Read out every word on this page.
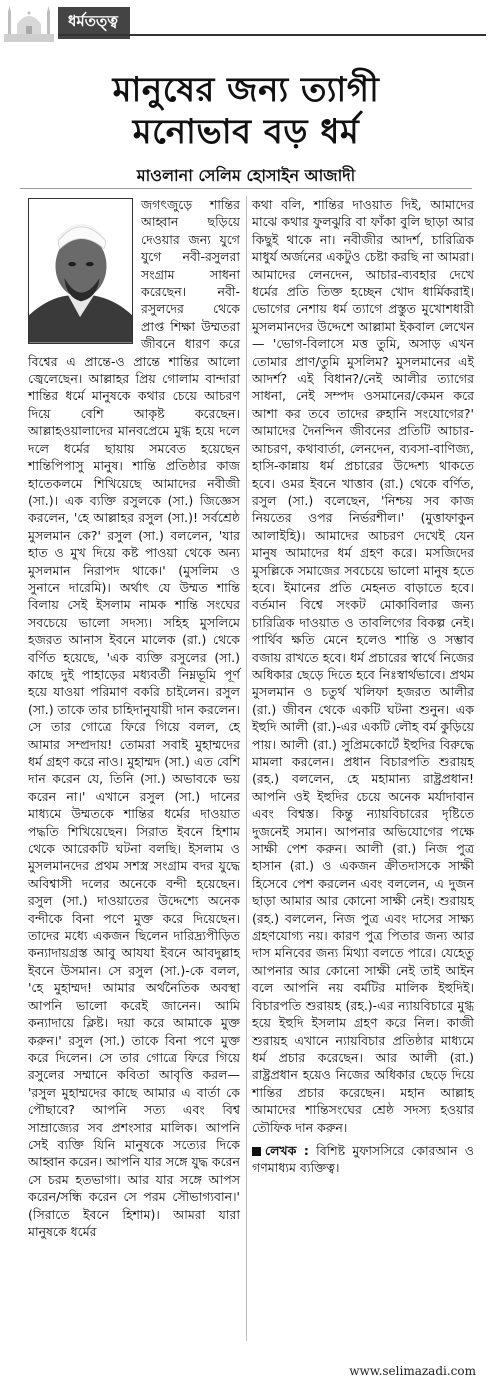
ধর্মতত্ত্ব
মানুষের জন্য ত্যাগী
মনোভাব বড় ধর্ম
মাওলানা সেলিম হোসাইন আজাদী

জগৎজুড়ে শান্তির আহ্বান ছড়িয়ে দেওয়ার জন্য যুগে যুগে নবী-রসুলরা সংগ্রাম সাধনা করেছেন। নবী-রসুলদের থেকে প্রাপ্ত শিক্ষা উম্মতরা জীবনে ধারণ করে বিশ্বের এ প্রান্তে-ও প্রান্তে শান্তির আলো জ্বেলেছেন। আল্লাহর প্রিয় গোলাম বান্দারা শান্তির ধর্মে মানুষকে কথার চেয়ে আচরণ দিয়ে বেশি আকৃষ্ট করেছেন। আল্লাহওয়ালাদের মানবপ্রেমে মুগ্ধ হয়ে দলে দলে ধর্মের ছায়ায় সমবেত হয়েছেন শান্তিপিপাসু মানুষ। শান্তি প্রতিষ্ঠার কাজ হাতেকলমে শিখিয়েছে আমাদের নবীজী (সা.)। এক ব্যক্তি রসুলকে (সা.) জিজ্ঞেস করলেন, 'হে আল্লাহর রসুল (সা.)! সর্বশ্রেষ্ঠ মুসলমান কে?' রসুল (সা.) বললেন, 'যার হাত ও মুখ দিয়ে কষ্ট পাওয়া থেকে অন্য মুসলমান নিরাপদ থাকে।' (মুসলিম ও সুনানে দারেমি)। অর্থাৎ যে উম্মত শান্তি বিলায় সেই ইসলাম নামক শান্তি সংঘের সবচেয়ে ভালো সদস্য। সহিহ মুসলিমে হজরত আনাস ইবনে মালেক (রা.) থেকে বর্ণিত হয়েছে, 'এক ব্যক্তি রসুলের (সা.) কাছে দুই পাহাড়ের মধ্যবর্তী নিম্নভূমি পূর্ণ হয়ে যাওয়া পরিমাণ বকরি চাইলেন। রসুল (সা.) তাকে তার চাহিদানুযায়ী দান করলেন। সে তার গোত্রে ফিরে গিয়ে বলল, হে আমার সম্প্রদায়! তোমরা সবাই মুহাম্মদের ধর্ম গ্রহণ করে নাও। মুহাম্মদ (সা.) এত বেশি দান করেন যে, তিনি (সা.) অভাবকে ভয় করেন না।' এখানে রসুল (সা.) দানের মাধ্যমে উম্মতকে শান্তির ধর্মের দাওয়াত পদ্ধতি শিখিয়েছেন। সিরাত ইবনে হিশাম থেকে আরেকটি ঘটনা বলছি। ইসলাম ও মুসলমানদের প্রথম সশস্ত্র সংগ্রাম বদর যুদ্ধে অবিশ্বাসী দলের অনেকে বন্দী হয়েছেন। রসুল (সা.) দাওয়াতের উদ্দেশ্যে অনেক বন্দীকে বিনা পণে মুক্ত করে দিয়েছেন। তাদের মধ্যে একজন ছিলেন দারিদ্র্যপীড়িত কন্যাদায়গ্রস্ত আবু আযযা ইবনে আবদুল্লাহ ইবনে উসমান। সে রসুল (সা.)-কে বলল, 'হে মুহাম্মদ! আমার অর্থনৈতিক অবস্থা আপনি ভালো করেই জানেন। আমি কন্যাদায়ে ক্লিষ্ট। দয়া করে আমাকে মুক্ত করুন।' রসুল (সা.) তাকে বিনা পণে মুক্ত করে দিলেন। সে তার গোত্রে ফিরে গিয়ে রসুলের সম্মানে কবিতা আবৃত্তি করল— 'রসুল মুহাম্মদের কাছে আমার এ বার্তা কে পৌছাবে? আপনি সত্য এবং বিশ্ব সাম্রাজ্যের সব প্রশংসার মালিক। আপনি সেই ব্যক্তি যিনি মানুষকে সত্যের দিকে আহ্বান করেন। আপনি যার সঙ্গে যুদ্ধ করেন সে চরম হতভাগা। আর যার সঙ্গে আপস করেন/সন্ধি করেন সে পরম সৌভাগ্যবান।' (সিরাতে ইবনে হিশাম)। আমরা যারা মানুষকে ধর্মের

কথা বলি, শান্তির দাওয়াত দিই, আমাদের মাঝে কথার ফুলঝুরি বা ফাঁকা বুলি ছাড়া আর কিছুই থাকে না। নবীজীর আদর্শ, চারিত্রিক মাধুর্য অর্জনের একটুও চেষ্টা করছি না আমরা। আমাদের লেনদেন, আচার-ব্যবহার দেখে ধর্মের প্রতি তিক্ত হচ্ছেন খোদ ধার্মিকরাই। ভোগের নেশায় ধর্ম ত্যাগে প্রস্তুত মুখোশধারী মুসলমানদের উদ্দেশে আল্লামা ইকবাল লেখেন— 'ভোগ-বিলাসে মত্ত তুমি, অসাড় এখন তোমার প্রাণ/তুমি মুসলিম? মুসলমানের এই আদর্শ? এই বিধান?/নেই আলীর ত্যাগের সাধনা, নেই সম্পদ ওসমানের/কেমন করে আশা কর তবে তাদের রুহানি সংযোগের?' আমাদের দৈনন্দিন জীবনের প্রতিটি আচার-আচরণ, কথাবার্তা, লেনদেন, ব্যবসা-বাণিজ্য, হাসি-কান্নায় ধর্ম প্রচারের উদ্দেশ্য থাকতে হবে। ওমর ইবনে খাত্তাব (রা.) থেকে বর্ণিত, রসুল (সা.) বলেছেন, 'নিশ্চয় সব কাজ নিয়তের ওপর নির্ভরশীল।' (মুত্তাফাকুন আলাইহি)। আমাদের আচরণ দেখেই যেন মানুষ আমাদের ধর্ম গ্রহণ করে। মসজিদের মুসল্লিকে সমাজের সবচেয়ে ভালো মানুষ হতে হবে। ইমানের প্রতি মেহনত বাড়াতে হবে। বর্তমান বিশ্বে সংকট মোকাবিলার জন্য চারিত্রিক দাওয়াত ও তাবলিগের বিকল্প নেই। পার্থিব ক্ষতি মেনে হলেও শান্তি ও সম্ভাব বজায় রাখতে হবে। ধর্ম প্রচারের স্বার্থে নিজের অধিকার ছেড়ে দিতে হবে নিঃস্বার্থভাবে। প্রথম মুসলমান ও চতুর্থ খলিফা হজরত আলীর (রা.) জীবন থেকে একটি ঘটনা শুনুন। এক ইহুদি আলী (রা.)-এর একটি লৌহ বর্ম কুড়িয়ে পায়। আলী (রা.) সুপ্রিমকোর্টে ইহুদির বিরুদ্ধে মামলা করলেন। প্রধান বিচারপতি শুরায়হ (রহ.) বললেন, হে মহামান্য রাষ্ট্রপ্রধান! আপনি ওই ইহুদির চেয়ে অনেক মর্যাদাবান এবং বিশ্বস্ত। কিন্তু ন্যায়বিচারের দৃষ্টিতে দুজনেই সমান। আপনার অভিযোগের পক্ষে সাক্ষী পেশ করুন। আলী (রা.) নিজ পুত্র হাসান (রা.) ও একজন ক্রীতদাসকে সাক্ষী হিসেবে পেশ করলেন এবং বললেন, এ দুজন ছাড়া আমার আর কোনো সাক্ষী নেই। শুরায়হ (রহ.) বললেন, নিজ পুত্র এবং দাসের সাক্ষ্য গ্রহণযোগ্য নয়। কারণ পুত্র পিতার জন্য আর দাস মনিবের জন্য মিথ্যা বলতে পারে। যেহেতু আপনার আর কোনো সাক্ষী নেই তাই আইন বলে আপনি নয় বর্মটির মালিক ইহুদিই। বিচারপতি শুরায়হ (রহ.)-এর ন্যায়বিচারে মুগ্ধ হয়ে ইহুদি ইসলাম গ্রহণ করে নিল। কাজী শুরায়হ এখানে ন্যায়বিচার প্রতিষ্ঠার মাধ্যমে ধর্ম প্রচার করেছেন। আর আলী (রা.) রাষ্ট্রপ্রধান হয়েও নিজের অধিকার ছেড়ে দিয়ে শান্তির প্রচার করেছেন। মহান আল্লাহ আমাদের শান্তিসংঘের শ্রেষ্ঠ সদস্য হওয়ার তৌফিক দান করুন।

লেখক : বিশিষ্ট মুফাসসিরে কোরআন ও গণমাধ্যম ব্যক্তিত্ব।
www.selimazadi.com
